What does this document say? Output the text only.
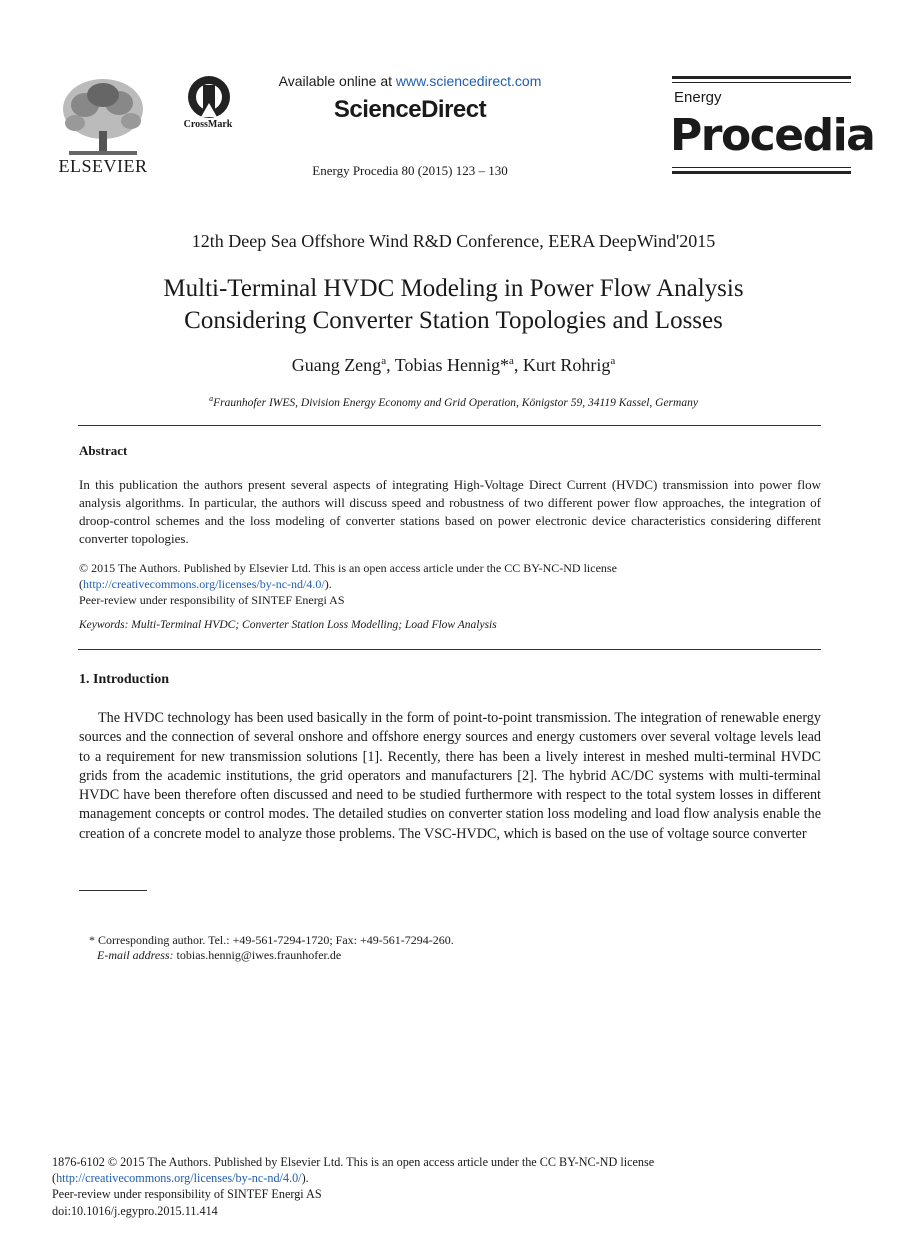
ELSEVIER
CrossMark
Available online at www.sciencedirect.com
ScienceDirect
Energy Procedia 80 (2015) 123 – 130
Energy
Procedia
12th Deep Sea Offshore Wind R&D Conference, EERA DeepWind'2015
Multi-Terminal HVDC Modeling in Power Flow Analysis
Considering Converter Station Topologies and Losses
Guang Zeng$^a$, Tobias Hennig*$^a$, Kurt Rohrig$^a$
$^a$Fraunhofer IWES, Division Energy Economy and Grid Operation, Königstor 59, 34119 Kassel, Germany
Abstract
In this publication the authors present several aspects of integrating High-Voltage Direct Current (HVDC) transmission into power flow analysis algorithms. In particular, the authors will discuss speed and robustness of two different power flow approaches, the integration of droop-control schemes and the loss modeling of converter stations based on power electronic device characteristics considering different converter topologies.
© 2015 The Authors. Published by Elsevier Ltd. This is an open access article under the CC BY-NC-ND license
(http://creativecommons.org/licenses/by-nc-nd/4.0/).
Peer-review under responsibility of SINTEF Energi AS
Keywords: Multi-Terminal HVDC; Converter Station Loss Modelling; Load Flow Analysis
1. Introduction
The HVDC technology has been used basically in the form of point-to-point transmission. The integration of renewable energy sources and the connection of several onshore and offshore energy sources and energy customers over several voltage levels lead to a requirement for new transmission solutions [1]. Recently, there has been a lively interest in meshed multi-terminal HVDC grids from the academic institutions, the grid operators and manufacturers [2]. The hybrid AC/DC systems with multi-terminal HVDC have been therefore often discussed and need to be studied furthermore with respect to the total system losses in different management concepts or control modes. The detailed studies on converter station loss modeling and load flow analysis enable the creation of a concrete model to analyze those problems. The VSC-HVDC, which is based on the use of voltage source converter
* Corresponding author. Tel.: +49-561-7294-1720; Fax: +49-561-7294-260.
E-mail address: tobias.hennig@iwes.fraunhofer.de
1876-6102 © 2015 The Authors. Published by Elsevier Ltd. This is an open access article under the CC BY-NC-ND license
(http://creativecommons.org/licenses/by-nc-nd/4.0/).
Peer-review under responsibility of SINTEF Energi AS
doi:10.1016/j.egypro.2015.11.414
